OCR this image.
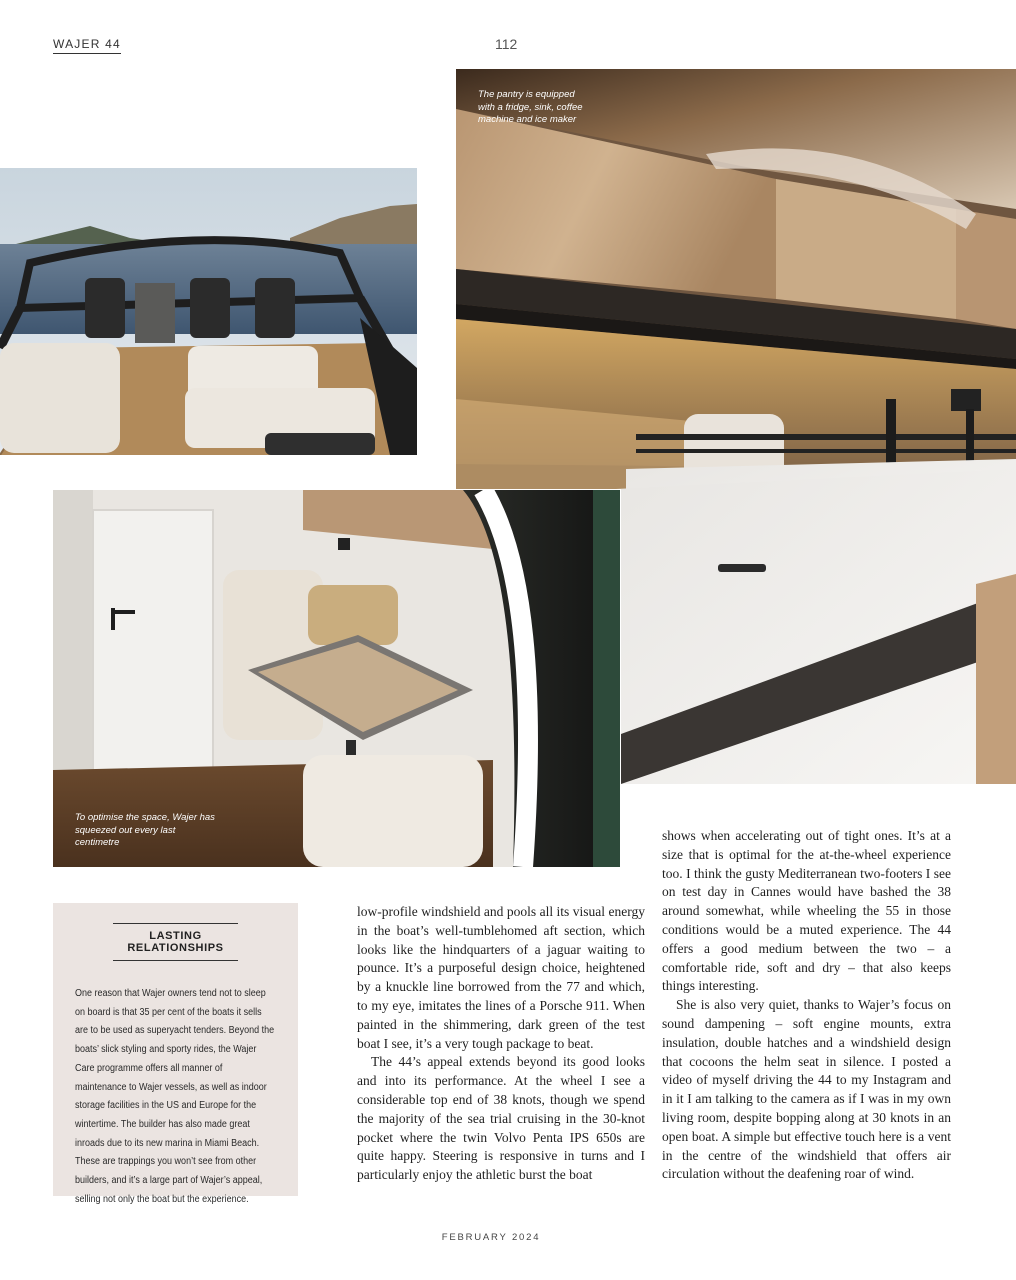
WAJER 44	112
The pantry is equipped with a fridge, sink, coffee machine and ice maker
To optimise the space, Wajer has squeezed out every last centimetre
LASTING RELATIONSHIPS
One reason that Wajer owners tend not to sleep on board is that 35 per cent of the boats it sells are to be used as superyacht tenders. Beyond the boats’ slick styling and sporty rides, the Wajer Care programme offers all manner of maintenance to Wajer vessels, as well as indoor storage facilities in the US and Europe for the wintertime. The builder has also made great inroads due to its new marina in Miami Beach. These are trappings you won’t see from other builders, and it’s a large part of Wajer’s appeal, selling not only the boat but the experience.

low-profile windshield and pools all its visual energy in the boat’s well-tumblehomed aft section, which looks like the hindquarters of a jaguar waiting to pounce. It’s a purposeful design choice, heightened by a knuckle line borrowed from the 77 and which, to my eye, imitates the lines of a Porsche 911. When painted in the shimmering, dark green of the test boat I see, it’s a very tough package to beat.

The 44’s appeal extends beyond its good looks and into its performance. At the wheel I see a considerable top end of 38 knots, though we spend the majority of the sea trial cruising in the 30-knot pocket where the twin Volvo Penta IPS 650s are quite happy. Steering is responsive in turns and I particularly enjoy the athletic burst the boat

shows when accelerating out of tight ones. It’s at a size that is optimal for the at-the-wheel experience too. I think the gusty Mediterranean two-footers I see on test day in Cannes would have bashed the 38 around somewhat, while wheeling the 55 in those conditions would be a muted experience. The 44 offers a good medium between the two – a comfortable ride, soft and dry – that also keeps things interesting.

She is also very quiet, thanks to Wajer’s focus on sound dampening – soft engine mounts, extra insulation, double hatches and a windshield design that cocoons the helm seat in silence. I posted a video of myself driving the 44 to my Instagram and in it I am talking to the camera as if I was in my own living room, despite bopping along at 30 knots in an open boat. A simple but effective touch here is a vent in the centre of the windshield that offers air circulation without the deafening roar of wind.

FEBRUARY 2024
